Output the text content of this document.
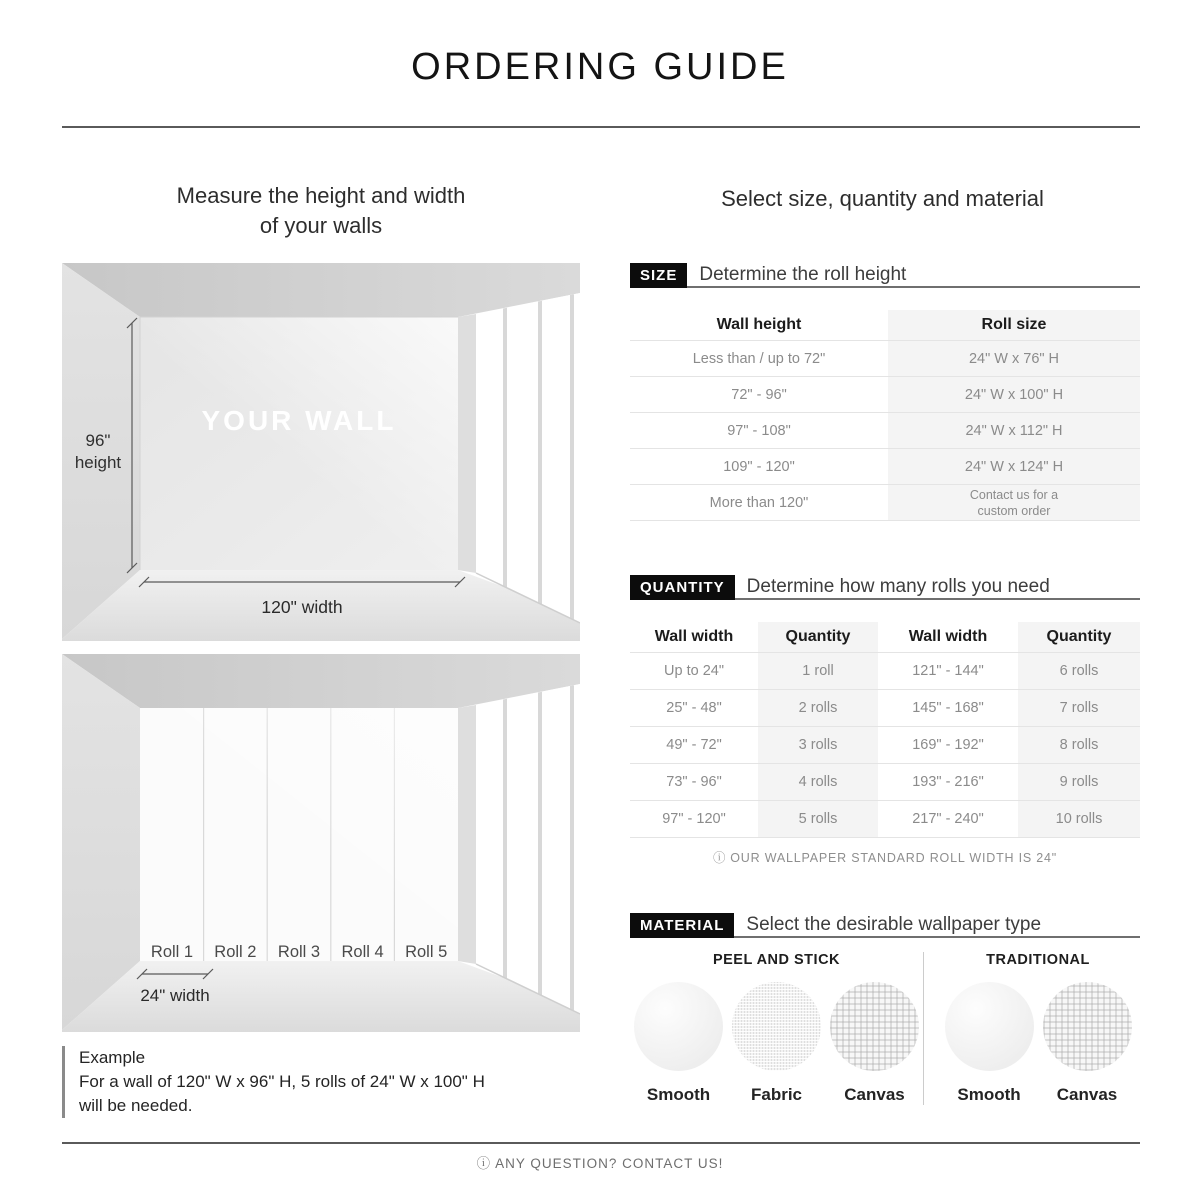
ORDERING GUIDE
Measure the height and width
of your walls
Select size, quantity and material
96"
height
YOUR WALL
120" width
Roll 1 Roll 2 Roll 3 Roll 4 Roll 5
24" width
Example
For a wall of 120" W x 96" H, 5 rolls of 24" W x 100" H
will be needed.
SIZE	Determine the roll height
Wall height	Roll size
Less than / up to 72"	24" W x 76" H
72" - 96"	24" W x 100" H
97" - 108"	24" W x 112" H
109" - 120"	24" W x 124" H
More than 120"	Contact us for a custom order
QUANTITY	Determine how many rolls you need
Wall width	Quantity	Wall width	Quantity
Up to 24"	1 roll	121" - 144"	6 rolls
25" - 48"	2 rolls	145" - 168"	7 rolls
49" - 72"	3 rolls	169" - 192"	8 rolls
73" - 96"	4 rolls	193" - 216"	9 rolls
97" - 120"	5 rolls	217" - 240"	10 rolls
ⓘ OUR WALLPAPER STANDARD ROLL WIDTH IS 24"
MATERIAL	Select the desirable wallpaper type
PEEL AND STICK
Smooth	Fabric	Canvas
TRADITIONAL
Smooth	Canvas
ⓘ ANY QUESTION? CONTACT US!
